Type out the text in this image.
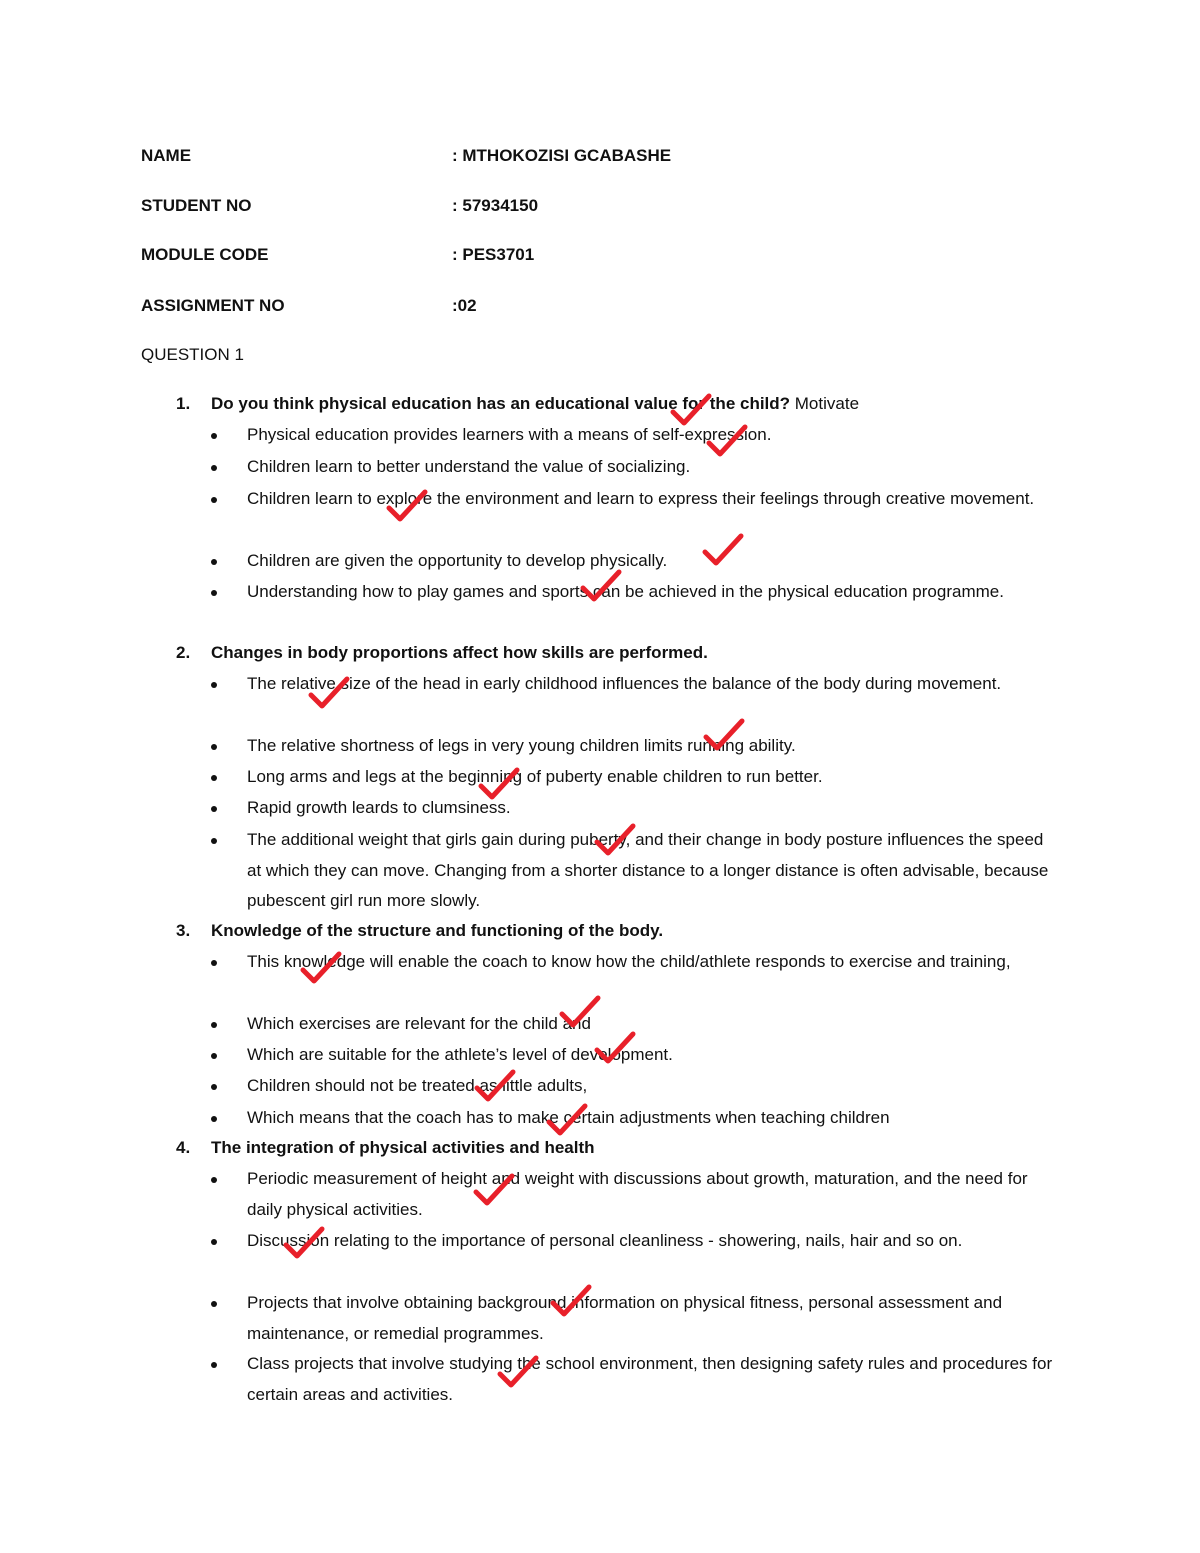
NAME	: MTHOKOZISI GCABASHE
STUDENT NO	: 57934150
MODULE CODE	: PES3701
ASSIGNMENT NO	:02
QUESTION 1
1. Do you think physical education has an educational value for the child? Motivate
Physical education provides learners with a means of self-expression.
Children learn to better understand the value of socializing.
Children learn to explore the environment and learn to express their feelings through creative movement.
Children are given the opportunity to develop physically.
Understanding how to play games and sports can be achieved in the physical education programme.
2. Changes in body proportions affect how skills are performed.
The relative size of the head in early childhood influences the balance of the body during movement.
The relative shortness of legs in very young children limits running ability.
Long arms and legs at the beginning of puberty enable children to run better.
Rapid growth leards to clumsiness.
The additional weight that girls gain during puberty, and their change in body posture influences the speed at which they can move. Changing from a shorter distance to a longer distance is often advisable, because pubescent girl run more slowly.
3. Knowledge of the structure and functioning of the body.
This knowledge will enable the coach to know how the child/athlete responds to exercise and training,
Which exercises are relevant for the child and
Which are suitable for the athlete’s level of development.
Children should not be treated as little adults,
Which means that the coach has to make certain adjustments when teaching children
4. The integration of physical activities and health
Periodic measurement of height and weight with discussions about growth, maturation, and the need for daily physical activities.
Discussion relating to the importance of personal cleanliness - showering, nails, hair and so on.
Projects that involve obtaining background information on physical fitness, personal assessment and maintenance, or remedial programmes.
Class projects that involve studying the school environment, then designing safety rules and procedures for certain areas and activities.
